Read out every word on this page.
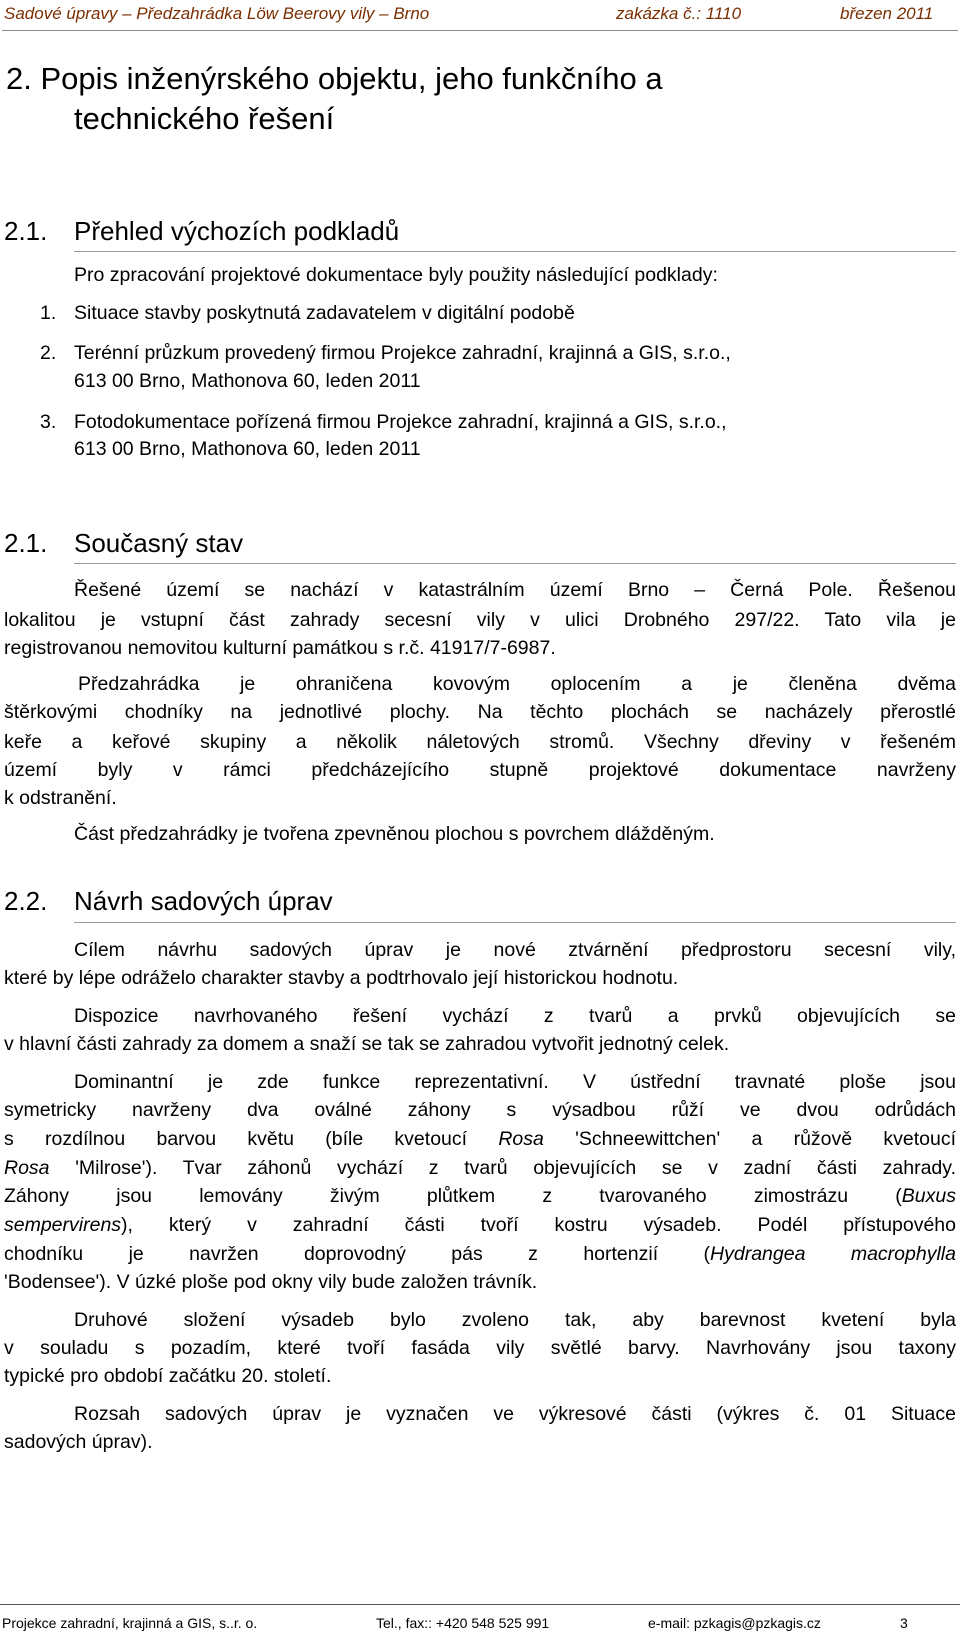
Sadové úpravy – Předzahrádka Löw Beerovy vily – Brno	zakázka č.: 1110	březen 2011
2. Popis inženýrského objektu, jeho funkčního a
technického řešení
2.1. Přehled výchozích podkladů
Pro zpracování projektové dokumentace byly použity následující podklady:
1. Situace stavby poskytnutá zadavatelem v digitální podobě
2. Terénní průzkum provedený firmou Projekce zahradní, krajinná a GIS, s.r.o.,
613 00 Brno, Mathonova 60, leden 2011
3. Fotodokumentace pořízená firmou Projekce zahradní, krajinná a GIS, s.r.o.,
613 00 Brno, Mathonova 60, leden 2011
2.1. Současný stav
Řešené území se nachází v katastrálním území Brno – Černá Pole. Řešenou
lokalitou je vstupní část zahrady secesní vily v ulici Drobného 297/22. Tato vila je
registrovanou nemovitou kulturní památkou s r.č. 41917/7-6987.
Předzahrádka je ohraničena kovovým oplocením a je členěna dvěma
štěrkovými chodníky na jednotlivé plochy. Na těchto plochách se nacházely přerostlé
keře a keřové skupiny a několik náletových stromů. Všechny dřeviny v řešeném
území byly v rámci předcházejícího stupně projektové dokumentace navrženy
k odstranění.
Část předzahrádky je tvořena zpevněnou plochou s povrchem dlážděným.
2.2. Návrh sadových úprav
Cílem návrhu sadových úprav je nové ztvárnění předprostoru secesní vily,
které by lépe odráželo charakter stavby a podtrhovalo její historickou hodnotu.
Dispozice navrhovaného řešení vychází z tvarů a prvků objevujících se
v hlavní části zahrady za domem a snaží se tak se zahradou vytvořit jednotný celek.
Dominantní je zde funkce reprezentativní. V ústřední travnaté ploše jsou
symetricky navrženy dva oválné záhony s výsadbou růží ve dvou odrůdách
s rozdílnou barvou květu (bíle kvetoucí Rosa 'Schneewittchen' a růžově kvetoucí
Rosa 'Milrose'). Tvar záhonů vychází z tvarů objevujících se v zadní části zahrady.
Záhony jsou lemovány živým plůtkem z tvarovaného zimostrázu (Buxus
sempervirens), který v zahradní části tvoří kostru výsadeb. Podél přístupového
chodníku je navržen doprovodný pás z hortenzií (Hydrangea macrophylla
'Bodensee'). V úzké ploše pod okny vily bude založen trávník.
Druhové složení výsadeb bylo zvoleno tak, aby barevnost kvetení byla
v souladu s pozadím, které tvoří fasáda vily světlé barvy. Navrhovány jsou taxony
typické pro období začátku 20. století.
Rozsah sadových úprav je vyznačen ve výkresové části (výkres č. 01 Situace
sadových úprav).
Projekce zahradní, krajinná a GIS, s..r. o.	Tel., fax:: +420 548 525 991	e-mail: pzkagis@pzkagis.cz	3
